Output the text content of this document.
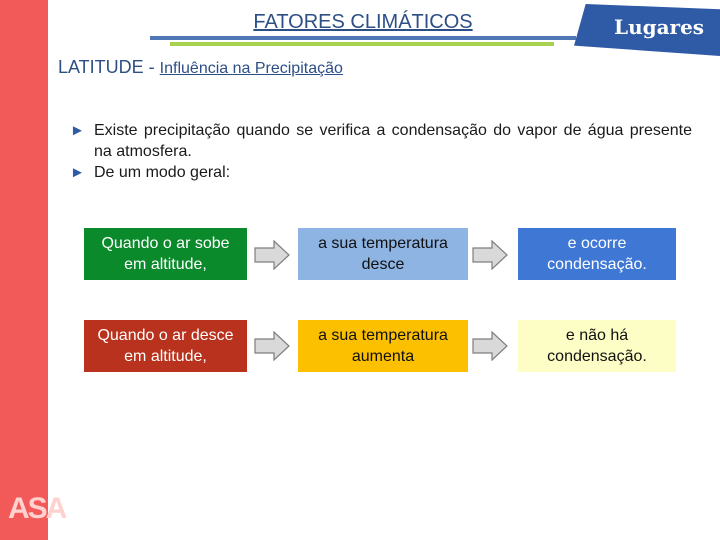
ASA
FATORES CLIMÁTICOS	Lugares
LATITUDE - Influência na Precipitação
► Existe precipitação quando se verifica a condensação do vapor de água presente na atmosfera.
► De um modo geral:
Quando o ar sobe em altitude,
a sua temperatura desce
e ocorre condensação.
Quando o ar desce em altitude,
a sua temperatura aumenta
e não há condensação.
